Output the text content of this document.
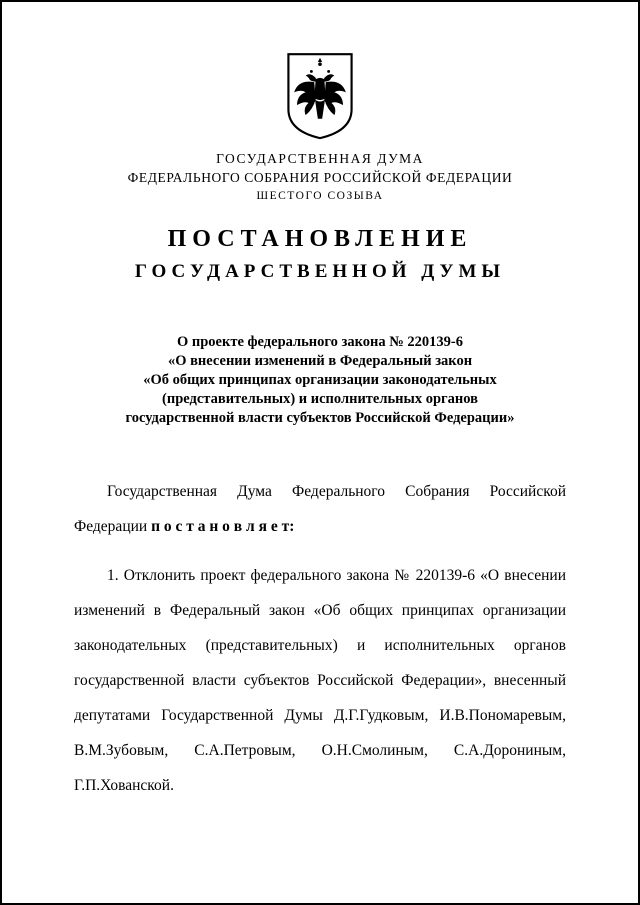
ГОСУДАРСТВЕННАЯ ДУМА
ФЕДЕРАЛЬНОГО СОБРАНИЯ РОССИЙСКОЙ ФЕДЕРАЦИИ
ШЕСТОГО СОЗЫВА
ПОСТАНОВЛЕНИЕ
ГОСУДАРСТВЕННОЙ ДУМЫ
О проекте федерального закона № 220139-6
«О внесении изменений в Федеральный закон
«Об общих принципах организации законодательных
(представительных) и исполнительных органов
государственной власти субъектов Российской Федерации»

Государственная Дума Федерального Собрания Российской Федерации п о с т а н о в л я е т:

1. Отклонить проект федерального закона № 220139-6 «О внесении изменений в Федеральный закон «Об общих принципах организации законодательных (представительных) и исполнительных органов государственной власти субъектов Российской Федерации», внесенный депутатами Государственной Думы Д.Г.Гудковым, И.В.Пономаревым, В.М.Зубовым, С.А.Петровым, О.Н.Смолиным, С.А.Дорониным, Г.П.Хованской.
